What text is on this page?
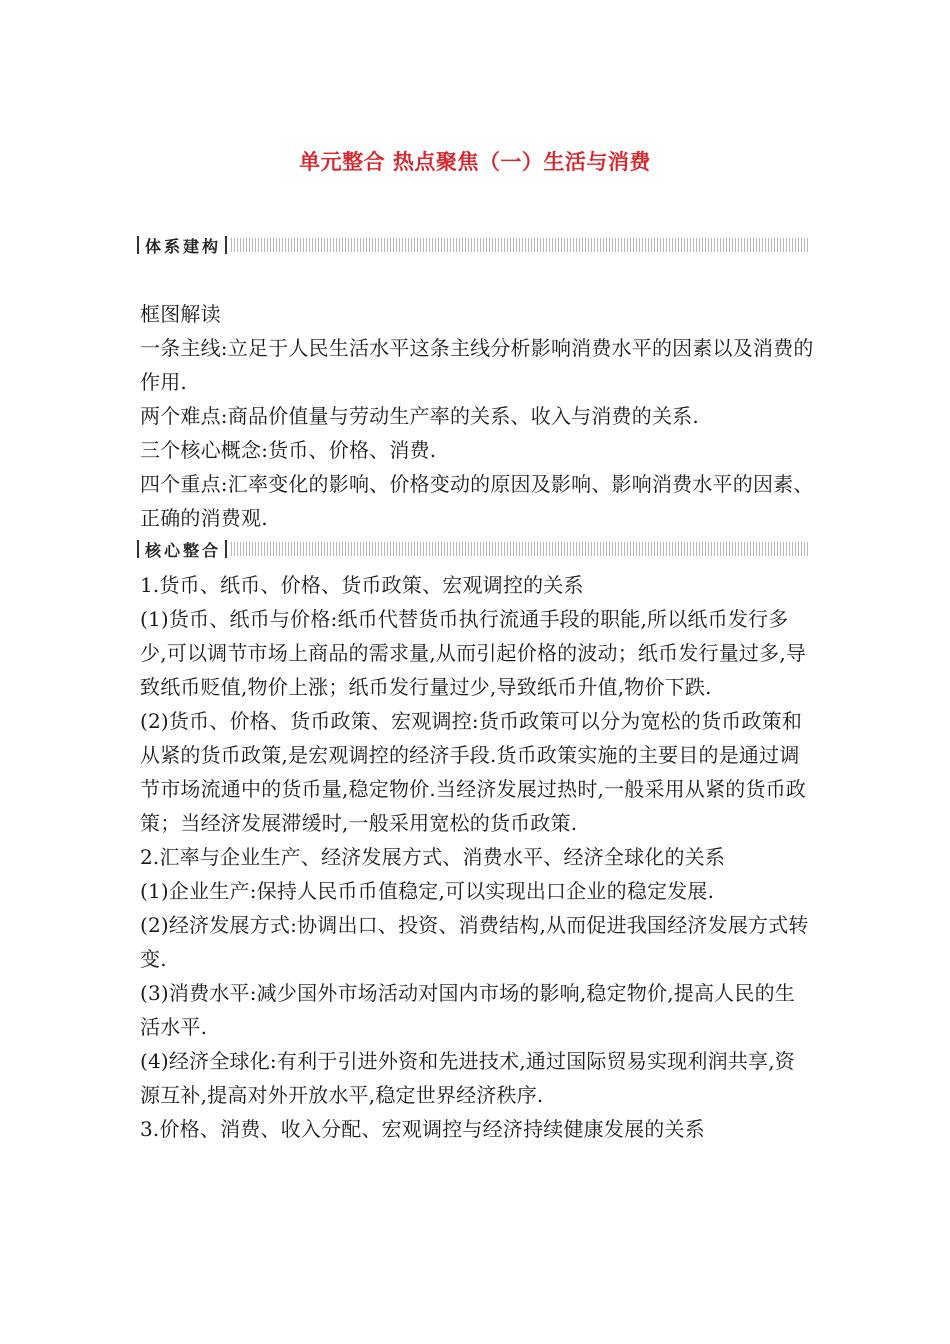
单元整合 热点聚焦（一）生活与消费
体系建构

框图解读

一条主线:立足于人民生活水平这条主线分析影响消费水平的因素以及消费的作用.

两个难点:商品价值量与劳动生产率的关系、收入与消费的关系.

三个核心概念:货币、价格、消费.

四个重点:汇率变化的影响、价格变动的原因及影响、影响消费水平的因素、正确的消费观.

核心整合

1.货币、纸币、价格、货币政策、宏观调控的关系

(1)货币、纸币与价格:纸币代替货币执行流通手段的职能,所以纸币发行多少,可以调节市场上商品的需求量,从而引起价格的波动；纸币发行量过多,导致纸币贬值,物价上涨；纸币发行量过少,导致纸币升值,物价下跌.

(2)货币、价格、货币政策、宏观调控:货币政策可以分为宽松的货币政策和从紧的货币政策,是宏观调控的经济手段.货币政策实施的主要目的是通过调节市场流通中的货币量,稳定物价.当经济发展过热时,一般采用从紧的货币政策；当经济发展滞缓时,一般采用宽松的货币政策.

2.汇率与企业生产、经济发展方式、消费水平、经济全球化的关系

(1)企业生产:保持人民币币值稳定,可以实现出口企业的稳定发展.

(2)经济发展方式:协调出口、投资、消费结构,从而促进我国经济发展方式转变.

(3)消费水平:减少国外市场活动对国内市场的影响,稳定物价,提高人民的生活水平.

(4)经济全球化:有利于引进外资和先进技术,通过国际贸易实现利润共享,资源互补,提高对外开放水平,稳定世界经济秩序.

3.价格、消费、收入分配、宏观调控与经济持续健康发展的关系
